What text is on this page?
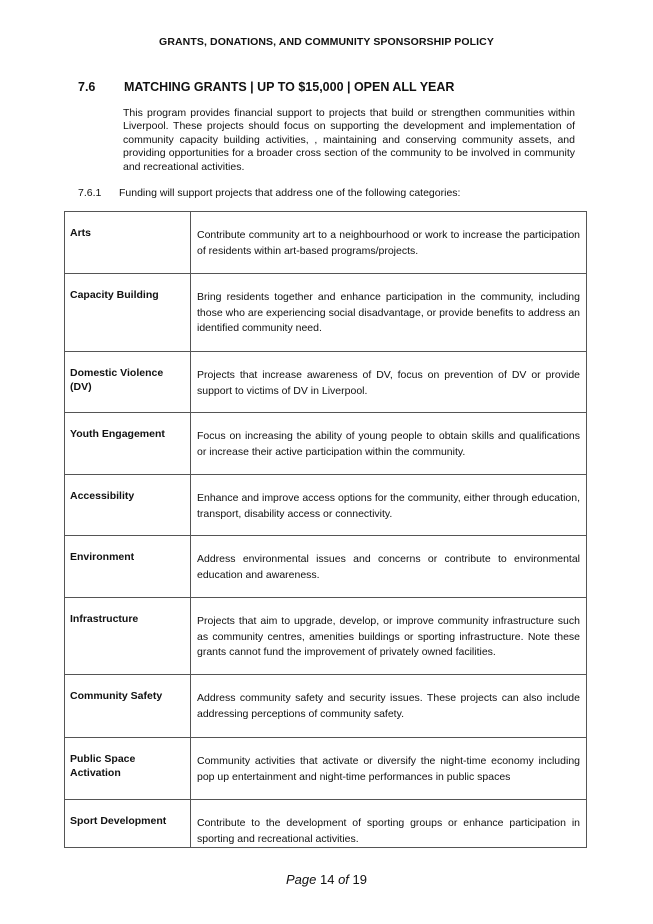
GRANTS, DONATIONS, AND COMMUNITY SPONSORSHIP POLICY
7.6 MATCHING GRANTS | UP TO $15,000 | OPEN ALL YEAR
This program provides financial support to projects that build or strengthen communities within Liverpool. These projects should focus on supporting the development and implementation of community capacity building activities, , maintaining and conserving community assets, and providing opportunities for a broader cross section of the community to be involved in community and recreational activities.
7.6.1 Funding will support projects that address one of the following categories:
Arts	Contribute community art to a neighbourhood or work to increase the participation of residents within art-based programs/projects.
Capacity Building	Bring residents together and enhance participation in the community, including those who are experiencing social disadvantage, or provide benefits to address an identified community need.
Domestic Violence (DV)	Projects that increase awareness of DV, focus on prevention of DV or provide support to victims of DV in Liverpool.
Youth Engagement	Focus on increasing the ability of young people to obtain skills and qualifications or increase their active participation within the community.
Accessibility	Enhance and improve access options for the community, either through education, transport, disability access or connectivity.
Environment	Address environmental issues and concerns or contribute to environmental education and awareness.
Infrastructure	Projects that aim to upgrade, develop, or improve community infrastructure such as community centres, amenities buildings or sporting infrastructure. Note these grants cannot fund the improvement of privately owned facilities.
Community Safety	Address community safety and security issues. These projects can also include addressing perceptions of community safety.
Public Space Activation	Community activities that activate or diversify the night-time economy including pop up entertainment and night-time performances in public spaces
Sport Development	Contribute to the development of sporting groups or enhance participation in sporting and recreational activities.
Page 14 of 19
